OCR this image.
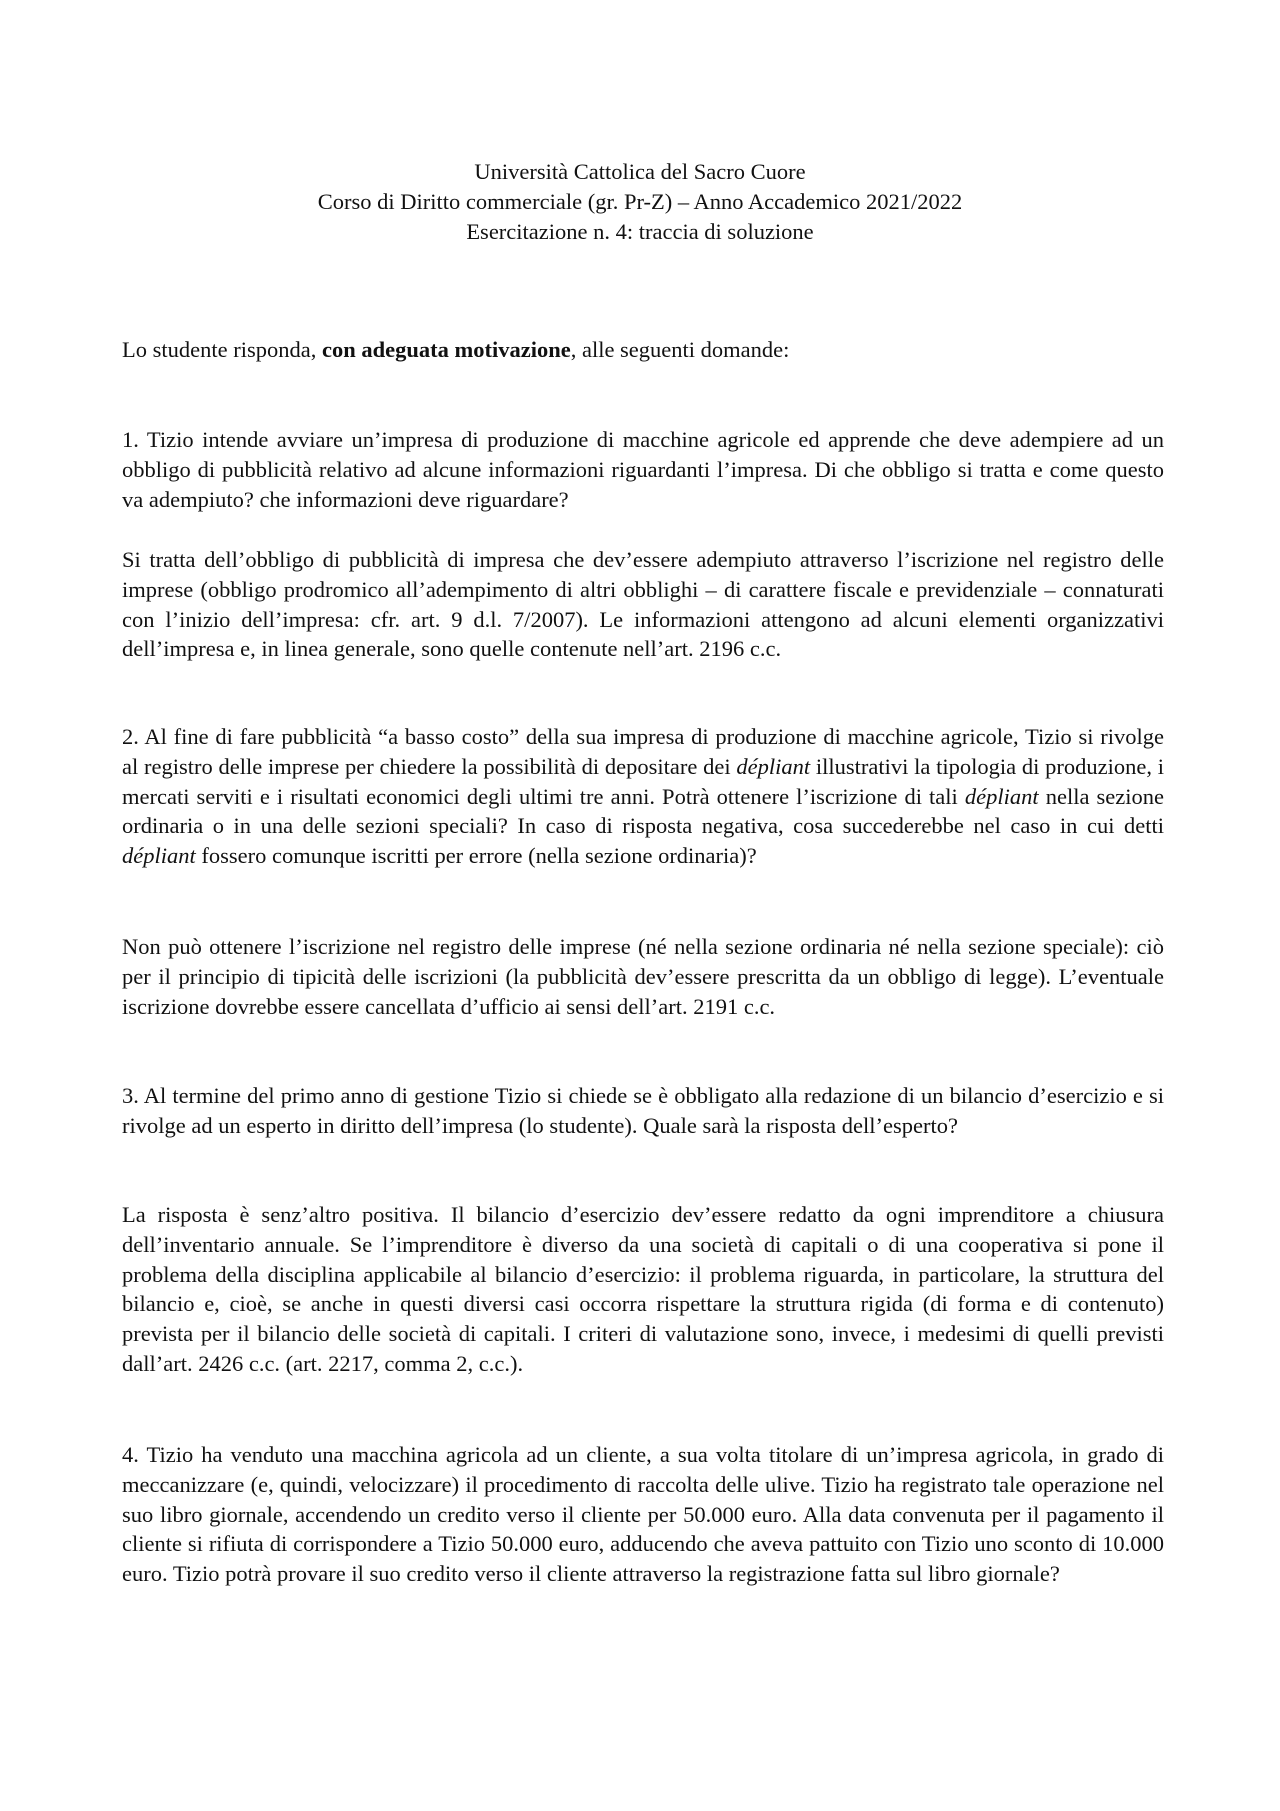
Università Cattolica del Sacro Cuore
Corso di Diritto commerciale (gr. Pr-Z) – Anno Accademico 2021/2022
Esercitazione n. 4: traccia di soluzione

Lo studente risponda, con adeguata motivazione, alle seguenti domande:

1. Tizio intende avviare un’impresa di produzione di macchine agricole ed apprende che deve adempiere ad un obbligo di pubblicità relativo ad alcune informazioni riguardanti l’impresa. Di che obbligo si tratta e come questo va adempiuto? che informazioni deve riguardare?

Si tratta dell’obbligo di pubblicità di impresa che dev’essere adempiuto attraverso l’iscrizione nel registro delle imprese (obbligo prodromico all’adempimento di altri obblighi – di carattere fiscale e previdenziale – connaturati con l’inizio dell’impresa: cfr. art. 9 d.l. 7/2007). Le informazioni attengono ad alcuni elementi organizzativi dell’impresa e, in linea generale, sono quelle contenute nell’art. 2196 c.c.

2. Al fine di fare pubblicità “a basso costo” della sua impresa di produzione di macchine agricole, Tizio si rivolge al registro delle imprese per chiedere la possibilità di depositare dei dépliant illustrativi la tipologia di produzione, i mercati serviti e i risultati economici degli ultimi tre anni. Potrà ottenere l’iscrizione di tali dépliant nella sezione ordinaria o in una delle sezioni speciali? In caso di risposta negativa, cosa succederebbe nel caso in cui detti dépliant fossero comunque iscritti per errore (nella sezione ordinaria)?

Non può ottenere l’iscrizione nel registro delle imprese (né nella sezione ordinaria né nella sezione speciale): ciò per il principio di tipicità delle iscrizioni (la pubblicità dev’essere prescritta da un obbligo di legge). L’eventuale iscrizione dovrebbe essere cancellata d’ufficio ai sensi dell’art. 2191 c.c.

3. Al termine del primo anno di gestione Tizio si chiede se è obbligato alla redazione di un bilancio d’esercizio e si rivolge ad un esperto in diritto dell’impresa (lo studente). Quale sarà la risposta dell’esperto?

La risposta è senz’altro positiva. Il bilancio d’esercizio dev’essere redatto da ogni imprenditore a chiusura dell’inventario annuale. Se l’imprenditore è diverso da una società di capitali o di una cooperativa si pone il problema della disciplina applicabile al bilancio d’esercizio: il problema riguarda, in particolare, la struttura del bilancio e, cioè, se anche in questi diversi casi occorra rispettare la struttura rigida (di forma e di contenuto) prevista per il bilancio delle società di capitali. I criteri di valutazione sono, invece, i medesimi di quelli previsti dall’art. 2426 c.c. (art. 2217, comma 2, c.c.).

4. Tizio ha venduto una macchina agricola ad un cliente, a sua volta titolare di un’impresa agricola, in grado di meccanizzare (e, quindi, velocizzare) il procedimento di raccolta delle ulive. Tizio ha registrato tale operazione nel suo libro giornale, accendendo un credito verso il cliente per 50.000 euro. Alla data convenuta per il pagamento il cliente si rifiuta di corrispondere a Tizio 50.000 euro, adducendo che aveva pattuito con Tizio uno sconto di 10.000 euro. Tizio potrà provare il suo credito verso il cliente attraverso la registrazione fatta sul libro giornale?
